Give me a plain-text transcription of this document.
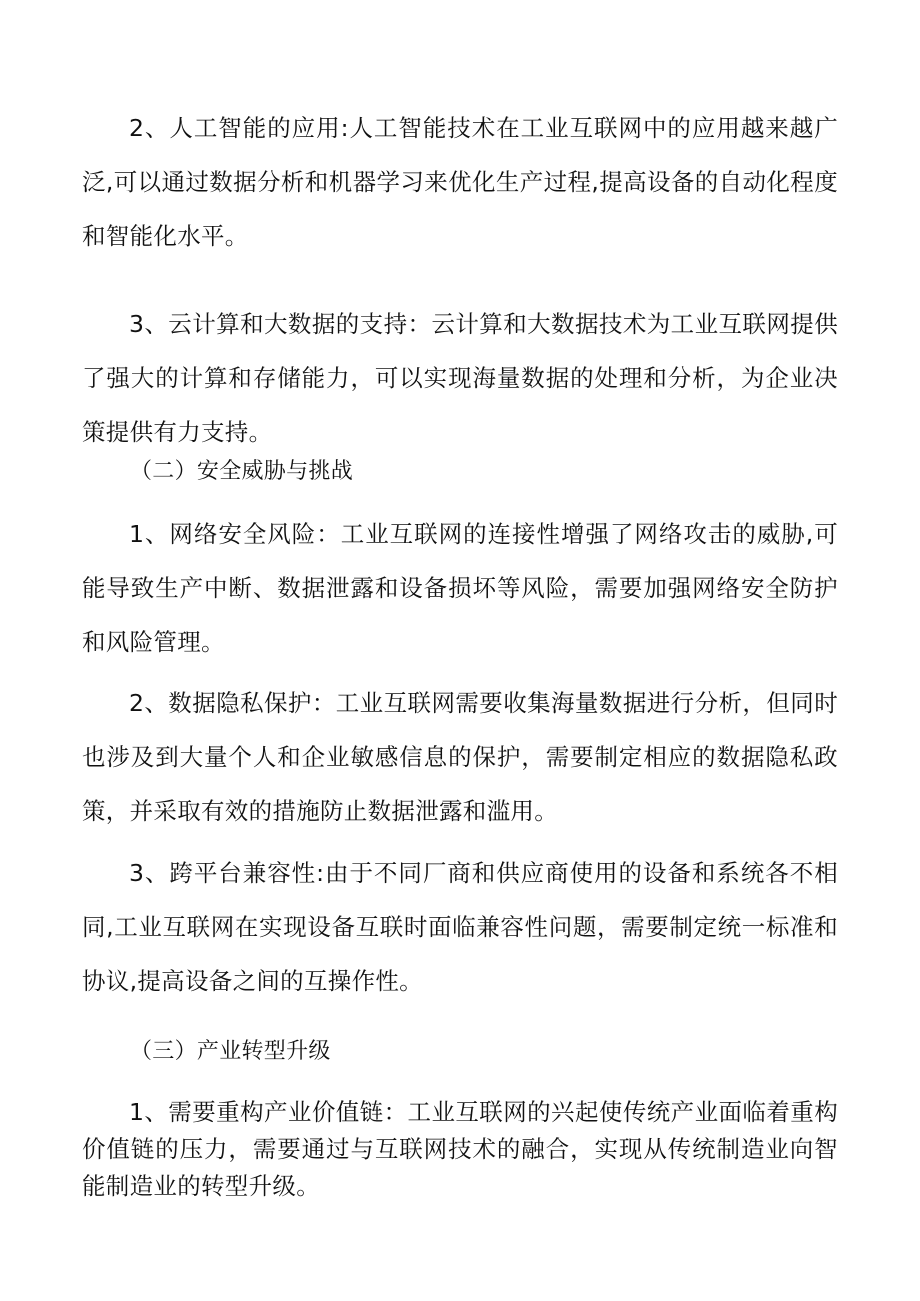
2、人工智能的应用:人工智能技术在工业互联网中的应用越来越广泛,可以通过数据分析和机器学习来优化生产过程,提高设备的自动化程度和智能化水平。

3、云计算和大数据的支持：云计算和大数据技术为工业互联网提供了强大的计算和存储能力，可以实现海量数据的处理和分析，为企业决策提供有力支持。

（二）安全威胁与挑战

1、网络安全风险：工业互联网的连接性增强了网络攻击的威胁,可能导致生产中断、数据泄露和设备损坏等风险，需要加强网络安全防护和风险管理。

2、数据隐私保护：工业互联网需要收集海量数据进行分析，但同时也涉及到大量个人和企业敏感信息的保护，需要制定相应的数据隐私政策，并采取有效的措施防止数据泄露和滥用。

3、跨平台兼容性:由于不同厂商和供应商使用的设备和系统各不相同,工业互联网在实现设备互联时面临兼容性问题，需要制定统一标准和协议,提高设备之间的互操作性。

（三）产业转型升级

1、需要重构产业价值链：工业互联网的兴起使传统产业面临着重构价值链的压力，需要通过与互联网技术的融合，实现从传统制造业向智能制造业的转型升级。
